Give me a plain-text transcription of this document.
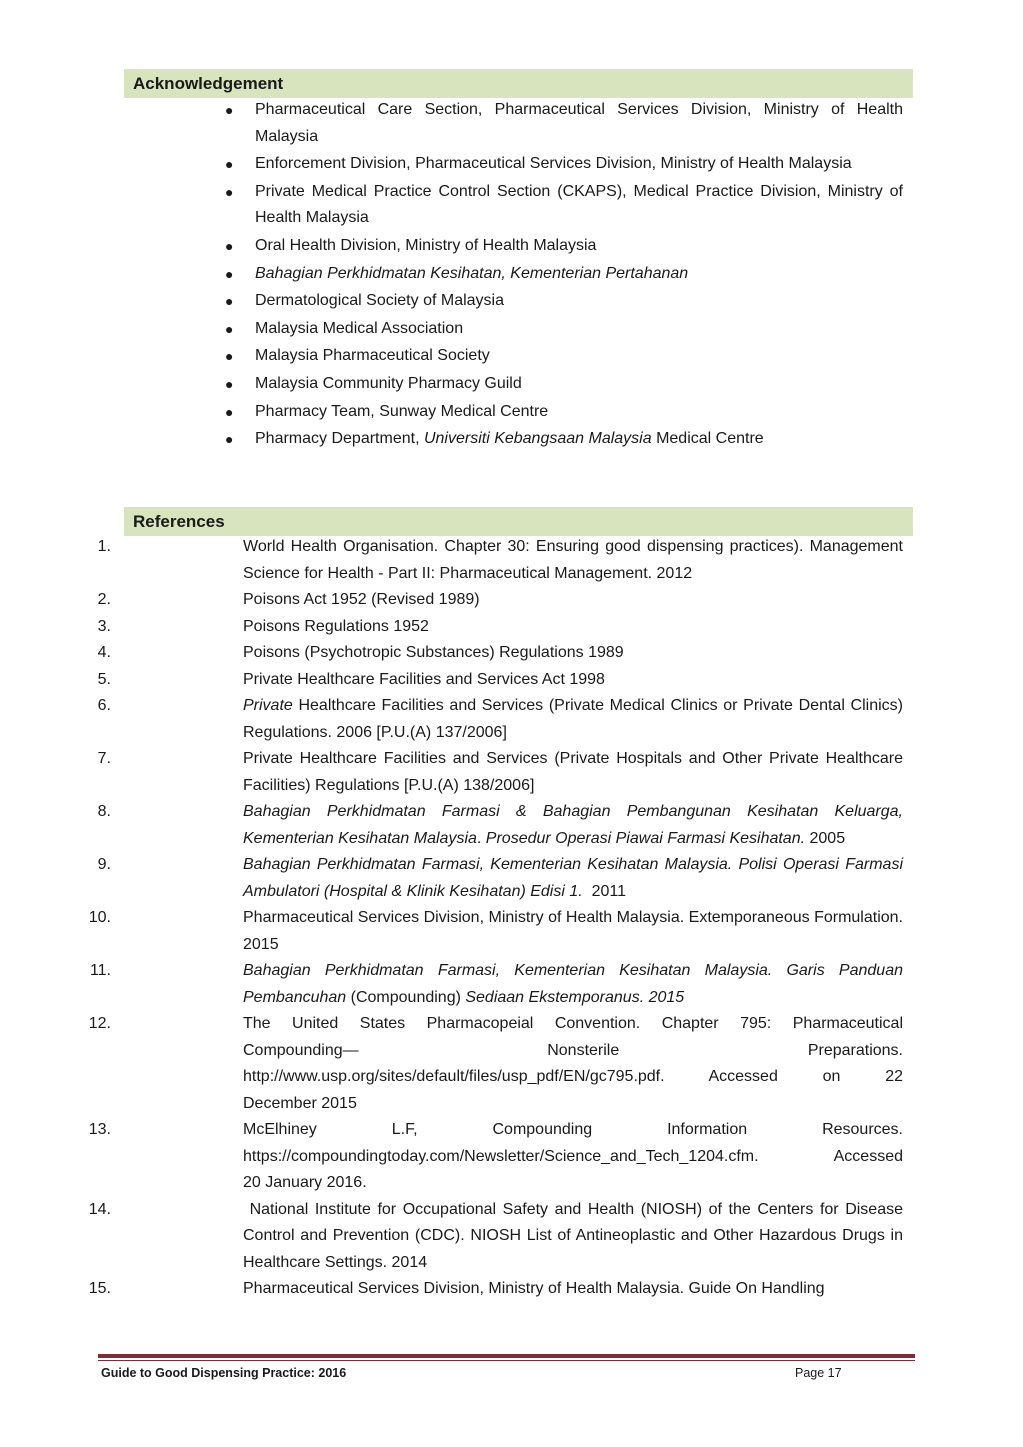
Acknowledgement
● Pharmaceutical Care Section, Pharmaceutical Services Division, Ministry of Health Malaysia
● Enforcement Division, Pharmaceutical Services Division, Ministry of Health Malaysia
● Private Medical Practice Control Section (CKAPS), Medical Practice Division, Ministry of Health Malaysia
● Oral Health Division, Ministry of Health Malaysia
● Bahagian Perkhidmatan Kesihatan, Kementerian Pertahanan
● Dermatological Society of Malaysia
● Malaysia Medical Association
● Malaysia Pharmaceutical Society
● Malaysia Community Pharmacy Guild
● Pharmacy Team, Sunway Medical Centre
● Pharmacy Department, Universiti Kebangsaan Malaysia Medical Centre
References
1.	World Health Organisation. Chapter 30: Ensuring good dispensing practices). Management Science for Health - Part II: Pharmaceutical Management. 2012
2.	Poisons Act 1952 (Revised 1989)
3.	Poisons Regulations 1952
4.	Poisons (Psychotropic Substances) Regulations 1989
5.	Private Healthcare Facilities and Services Act 1998
6.	Private Healthcare Facilities and Services (Private Medical Clinics or Private Dental Clinics) Regulations. 2006 [P.U.(A) 137/2006]
7.	Private Healthcare Facilities and Services (Private Hospitals and Other Private Healthcare Facilities) Regulations [P.U.(A) 138/2006]
8.	Bahagian Perkhidmatan Farmasi & Bahagian Pembangunan Kesihatan Keluarga, Kementerian Kesihatan Malaysia. Prosedur Operasi Piawai Farmasi Kesihatan. 2005
9.	Bahagian Perkhidmatan Farmasi, Kementerian Kesihatan Malaysia. Polisi Operasi Farmasi Ambulatori (Hospital & Klinik Kesihatan) Edisi 1.  2011
10.	Pharmaceutical Services Division, Ministry of Health Malaysia. Extemporaneous Formulation. 2015
11.	Bahagian Perkhidmatan Farmasi, Kementerian Kesihatan Malaysia. Garis Panduan Pembancuhan (Compounding) Sediaan Ekstemporanus. 2015
12.	The United States Pharmacopeial Convention. Chapter 795: Pharmaceutical
Compounding— Nonsterile Preparations.
http://www.usp.org/sites/default/files/usp_pdf/EN/gc795.pdf. Accessed on 22
December 2015
13.	McElhiney L.F, Compounding Information Resources.
https://compoundingtoday.com/Newsletter/Science_and_Tech_1204.cfm. Accessed
20 January 2016.
14.	National Institute for Occupational Safety and Health (NIOSH) of the Centers for Disease Control and Prevention (CDC). NIOSH List of Antineoplastic and Other Hazardous Drugs in Healthcare Settings. 2014
15.	Pharmaceutical Services Division, Ministry of Health Malaysia. Guide On Handling
Guide to Good Dispensing Practice: 2016	Page 17
